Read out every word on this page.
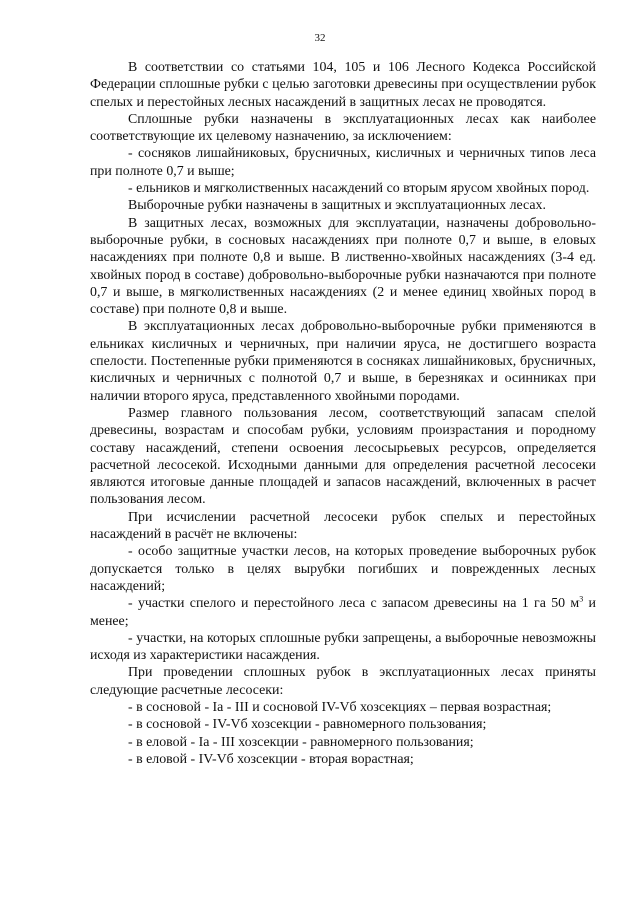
32

В соответствии со статьями 104, 105 и 106 Лесного Кодекса Российской Федерации сплошные рубки с целью заготовки древесины при осуществлении рубок спелых и перестойных лесных насаждений в защитных лесах не проводятся.

Сплошные рубки назначены в эксплуатационных лесах как наиболее соответствующие их целевому назначению, за исключением:

- сосняков лишайниковых, брусничных, кисличных и черничных типов леса при полноте 0,7 и выше;

- ельников и мягколиственных насаждений со вторым ярусом хвойных пород.

Выборочные рубки назначены в защитных и эксплуатационных лесах.

В защитных лесах, возможных для эксплуатации, назначены добровольно-выборочные рубки, в сосновых насаждениях при полноте 0,7 и выше, в еловых насаждениях при полноте 0,8 и выше. В лиственно-хвойных насаждениях (3-4 ед. хвойных пород в составе) добровольно-выборочные рубки назначаются при полноте 0,7 и выше, в мягколиственных насаждениях (2 и менее единиц хвойных пород в составе) при полноте 0,8 и выше.

В эксплуатационных лесах добровольно-выборочные рубки применяются в ельниках кисличных и черничных, при наличии яруса, не достигшего возраста спелости. Постепенные рубки применяются в сосняках лишайниковых, брусничных, кисличных и черничных с полнотой 0,7 и выше, в березняках и осинниках при наличии второго яруса, представленного хвойными породами.

Размер главного пользования лесом, соответствующий запасам спелой древесины, возрастам и способам рубки, условиям произрастания и породному составу насаждений, степени освоения лесосырьевых ресурсов, определяется расчетной лесосекой. Исходными данными для определения расчетной лесосеки являются итоговые данные площадей и запасов насаждений, включенных в расчет пользования лесом.

При исчислении расчетной лесосеки рубок спелых и перестойных насаждений в расчёт не включены:

- особо защитные участки лесов, на которых проведение выборочных рубок допускается только в целях вырубки погибших и поврежденных лесных насаждений;

- участки спелого и перестойного леса с запасом древесины на 1 га 50 $м^3$ и менее;

- участки, на которых сплошные рубки запрещены, а выборочные невозможны исходя из характеристики насаждения.

При проведении сплошных рубок в эксплуатационных лесах приняты следующие расчетные лесосеки:

- в сосновой - Iа - III и сосновой IV-Vб хозсекциях – первая возрастная;

- в сосновой - IV-Vб хозсекции - равномерного пользования;

- в еловой - Iа - III хозсекции - равномерного пользования;

- в еловой - IV-Vб хозсекции - вторая ворастная;
